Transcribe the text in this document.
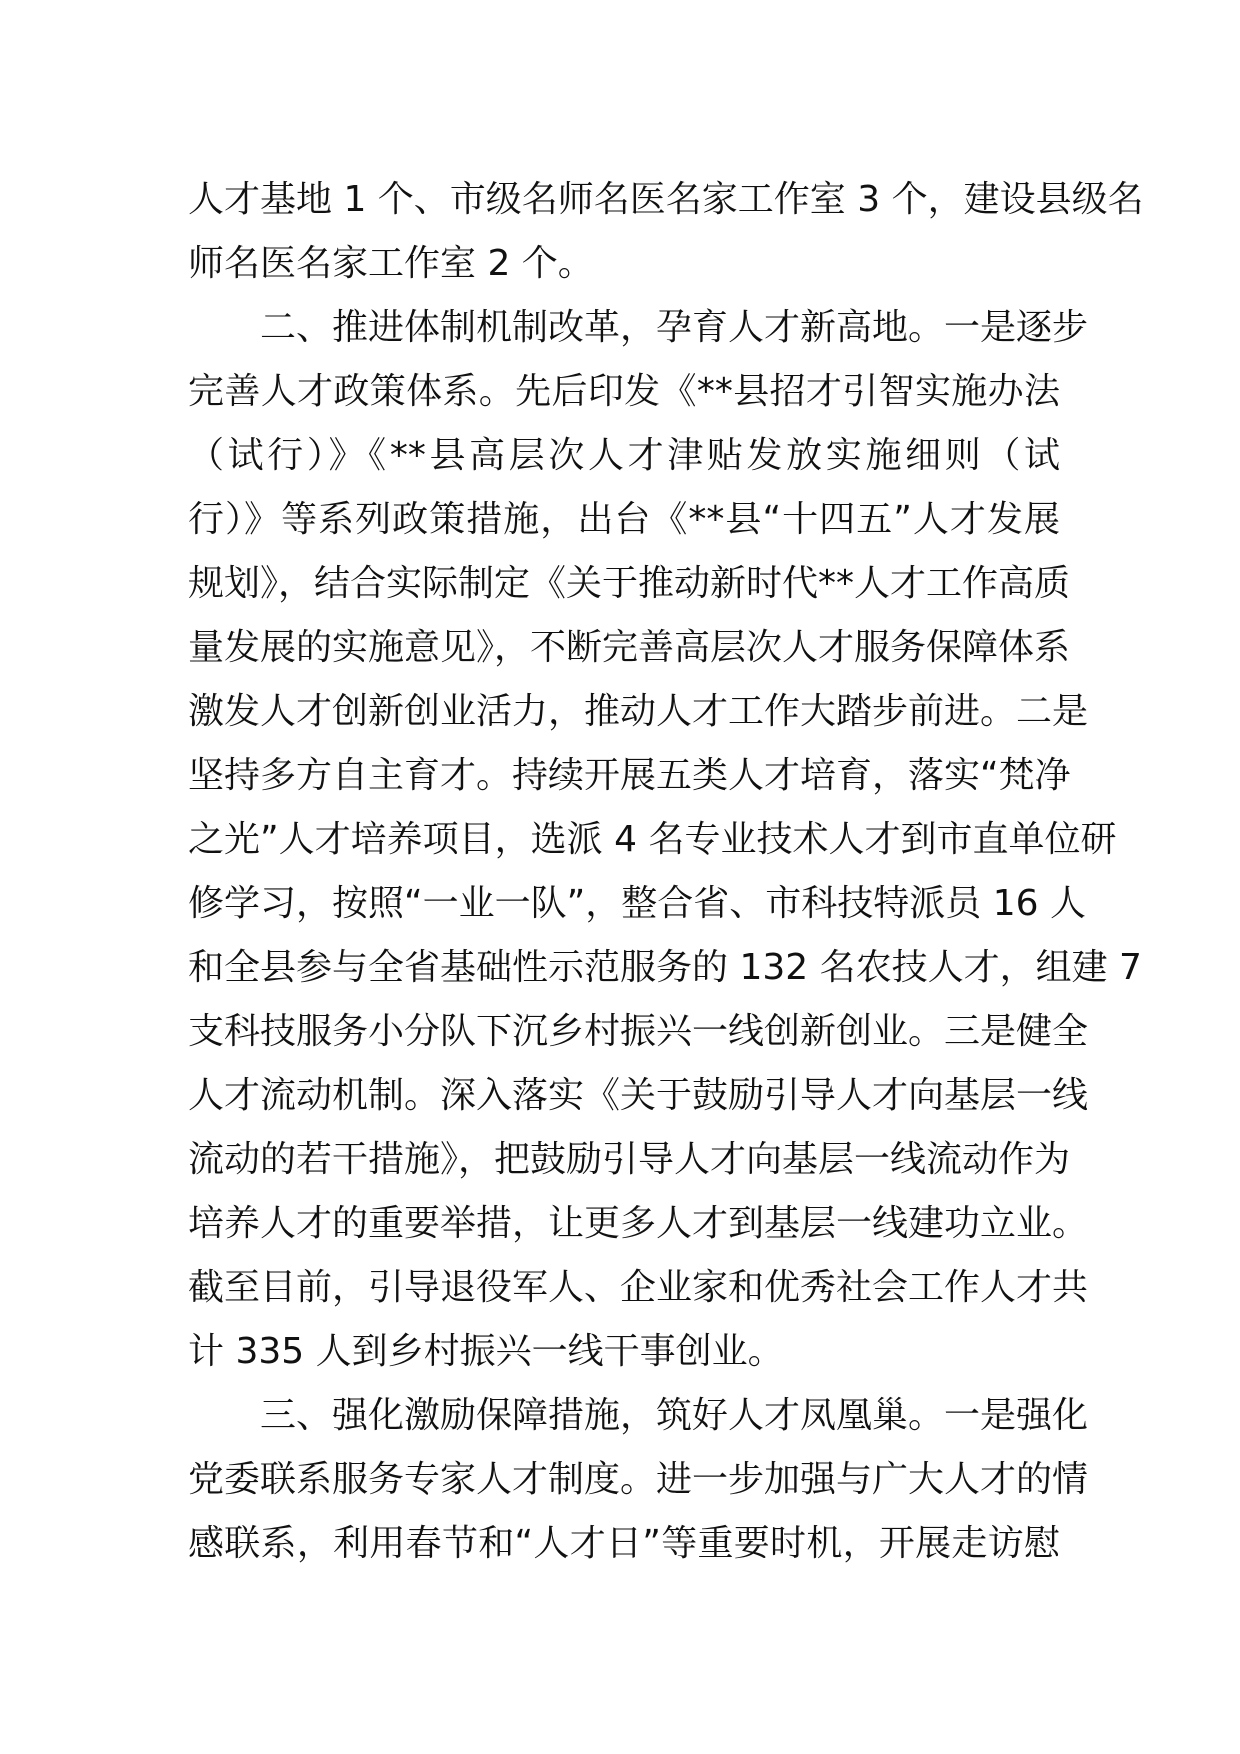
人才基地 1 个、市级名师名医名家工作室 3 个，建设县级名
师名医名家工作室 2 个。
二、推进体制机制改革，孕育人才新高地。一是逐步
完善人才政策体系。先后印发《**县招才引智实施办法
（试行）》《**县高层次人才津贴发放实施细则（试
行）》等系列政策措施，出台《**县“十四五”人才发展
规划》，结合实际制定《关于推动新时代**人才工作高质
量发展的实施意见》，不断完善高层次人才服务保障体系
激发人才创新创业活力，推动人才工作大踏步前进。二是
坚持多方自主育才。持续开展五类人才培育，落实“梵净
之光”人才培养项目，选派 4 名专业技术人才到市直单位研
修学习，按照“一业一队”，整合省、市科技特派员 16 人
和全县参与全省基础性示范服务的 132 名农技人才，组建 7
支科技服务小分队下沉乡村振兴一线创新创业。三是健全
人才流动机制。深入落实《关于鼓励引导人才向基层一线
流动的若干措施》，把鼓励引导人才向基层一线流动作为
培养人才的重要举措，让更多人才到基层一线建功立业。
截至目前，引导退役军人、企业家和优秀社会工作人才共
计 335 人到乡村振兴一线干事创业。
三、强化激励保障措施，筑好人才凤凰巢。一是强化
党委联系服务专家人才制度。进一步加强与广大人才的情
感联系，利用春节和“人才日”等重要时机，开展走访慰
